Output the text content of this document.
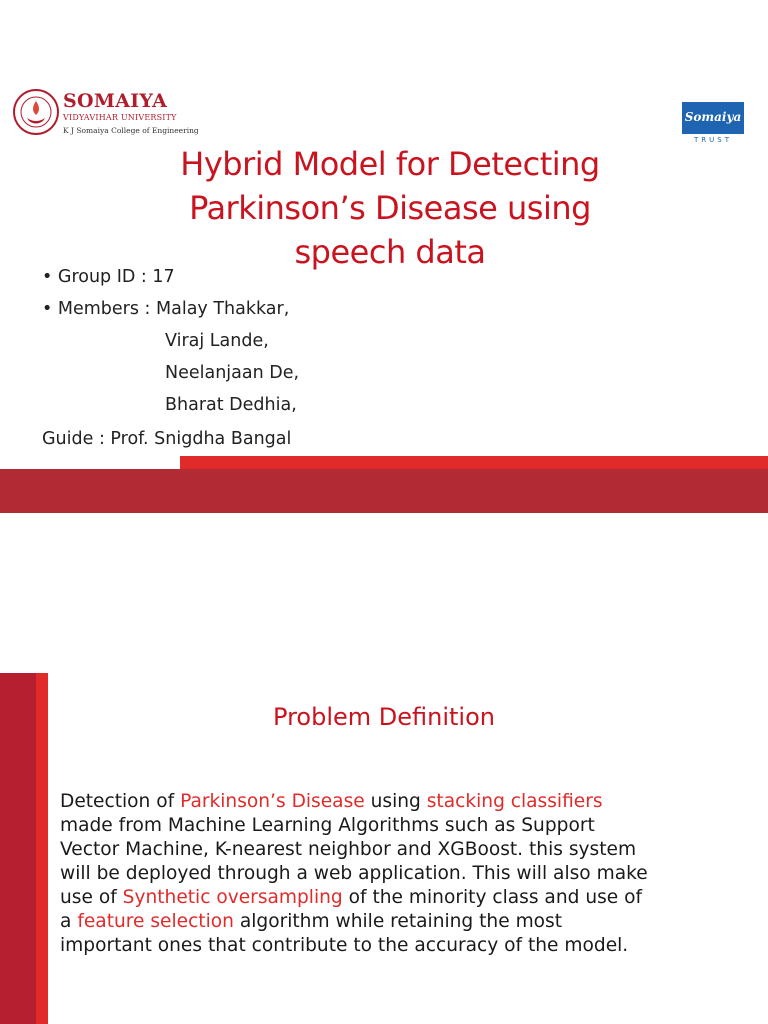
SOMAIYA
VIDYAVIHAR UNIVERSITY
K J Somaiya College of Engineering
Somaiya
TRUST
Hybrid Model for Detecting
Parkinson’s Disease using
speech data
• Group ID : 17
• Members : Malay Thakkar,
Viraj Lande,
Neelanjaan De,
Bharat Dedhia,
Guide : Prof. Snigdha Bangal
Problem Definition
Detection of Parkinson’s Disease using stacking classifiers
made from Machine Learning Algorithms such as Support
Vector Machine, K-nearest neighbor and XGBoost. this system
will be deployed through a web application. This will also make
use of Synthetic oversampling of the minority class and use of
a feature selection algorithm while retaining the most
important ones that contribute to the accuracy of the model.
